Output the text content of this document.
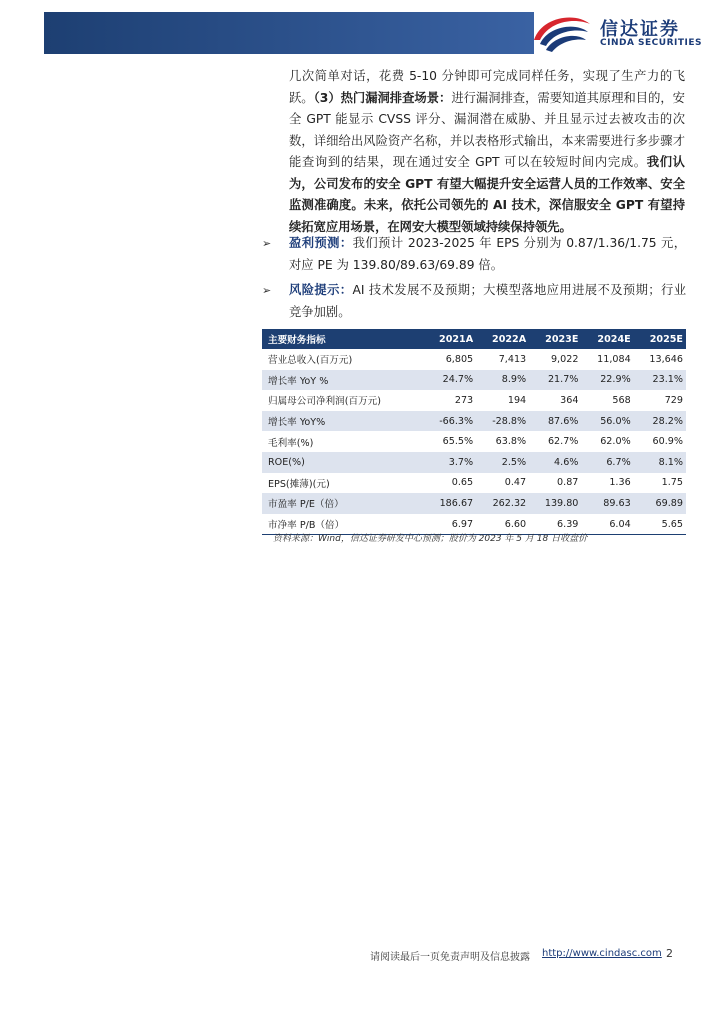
信达证券
CINDA SECURITIES
几次简单对话，花费 5-10 分钟即可完成同样任务，实现了生产力的飞跃。（3）热门漏洞排查场景：进行漏洞排查，需要知道其原理和目的，安全 GPT 能显示 CVSS 评分、漏洞潜在威胁、并且显示过去被攻击的次数，详细给出风险资产名称，并以表格形式输出，本来需要进行多步骤才能查询到的结果，现在通过安全 GPT 可以在较短时间内完成。我们认为，公司发布的安全 GPT 有望大幅提升安全运营人员的工作效率、安全监测准确度。未来，依托公司领先的 AI 技术，深信服安全 GPT 有望持续拓宽应用场景，在网安大模型领域持续保持领先。
➢ 盈利预测：我们预计 2023-2025 年 EPS 分别为 0.87/1.36/1.75 元，对应 PE 为 139.80/89.63/69.89 倍。
➢ 风险提示：AI 技术发展不及预期；大模型落地应用进展不及预期；行业竞争加剧。
主要财务指标	2021A	2022A	2023E	2024E	2025E
营业总收入(百万元)	6,805	7,413	9,022	11,084	13,646
增长率 YoY %	24.7%	8.9%	21.7%	22.9%	23.1%
归属母公司净利润(百万元)	273	194	364	568	729
增长率 YoY%	-66.3%	-28.8%	87.6%	56.0%	28.2%
毛利率(%)	65.5%	63.8%	62.7%	62.0%	60.9%
ROE(%)	3.7%	2.5%	4.6%	6.7%	8.1%
EPS(摊薄)(元)	0.65	0.47	0.87	1.36	1.75
市盈率 P/E（倍）	186.67	262.32	139.80	89.63	69.89
市净率 P/B（倍）	6.97	6.60	6.39	6.04	5.65
资料来源：Wind，信达证券研发中心预测；股价为 2023 年 5 月 18 日收盘价
请阅读最后一页免责声明及信息披露 http://www.cindasc.com 2
